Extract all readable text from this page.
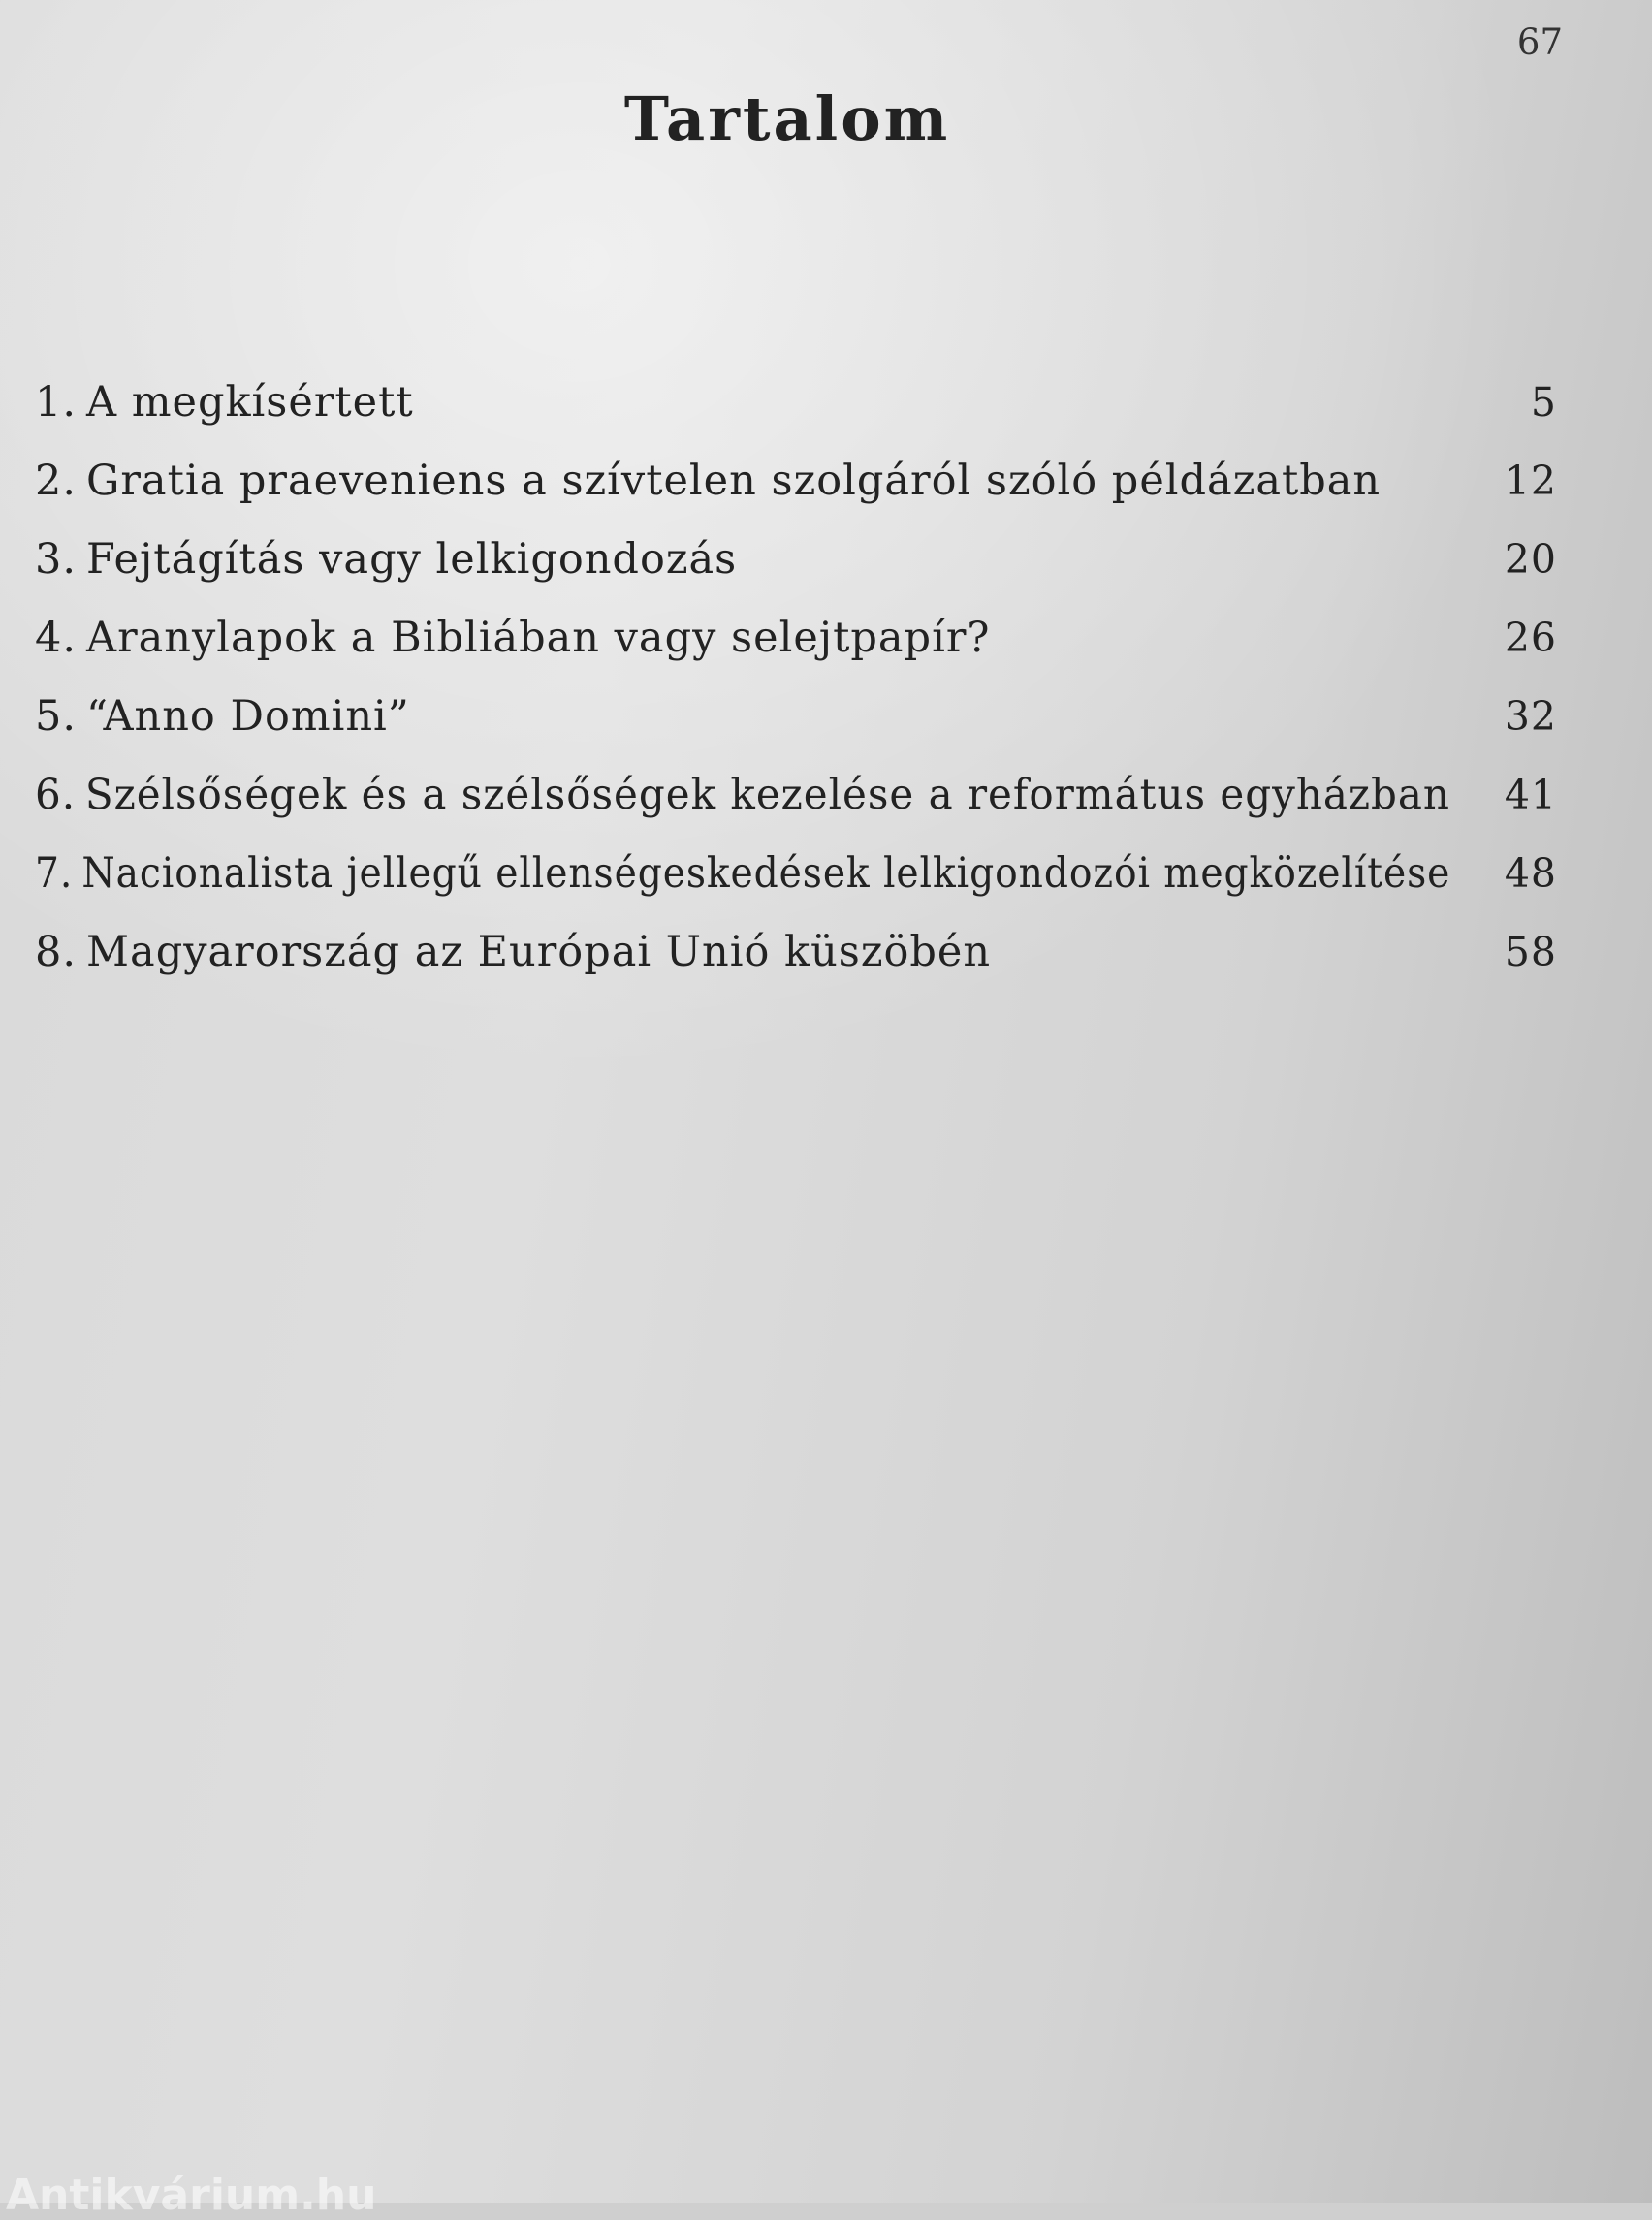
67
Tartalom
1. A megkísértett	5
2. Gratia praeveniens a szívtelen szolgáról szóló példázatban	12
3. Fejtágítás vagy lelkigondozás	20
4. Aranylapok a Bibliában vagy selejtpapír?	26
5. “Anno Domini”	32
6. Szélsőségek és a szélsőségek kezelése a református egyházban	41
7. Nacionalista jellegű ellenségeskedések lelkigondozói megközelítése	48
8. Magyarország az Európai Unió küszöbén	58
Antikvárium.hu
